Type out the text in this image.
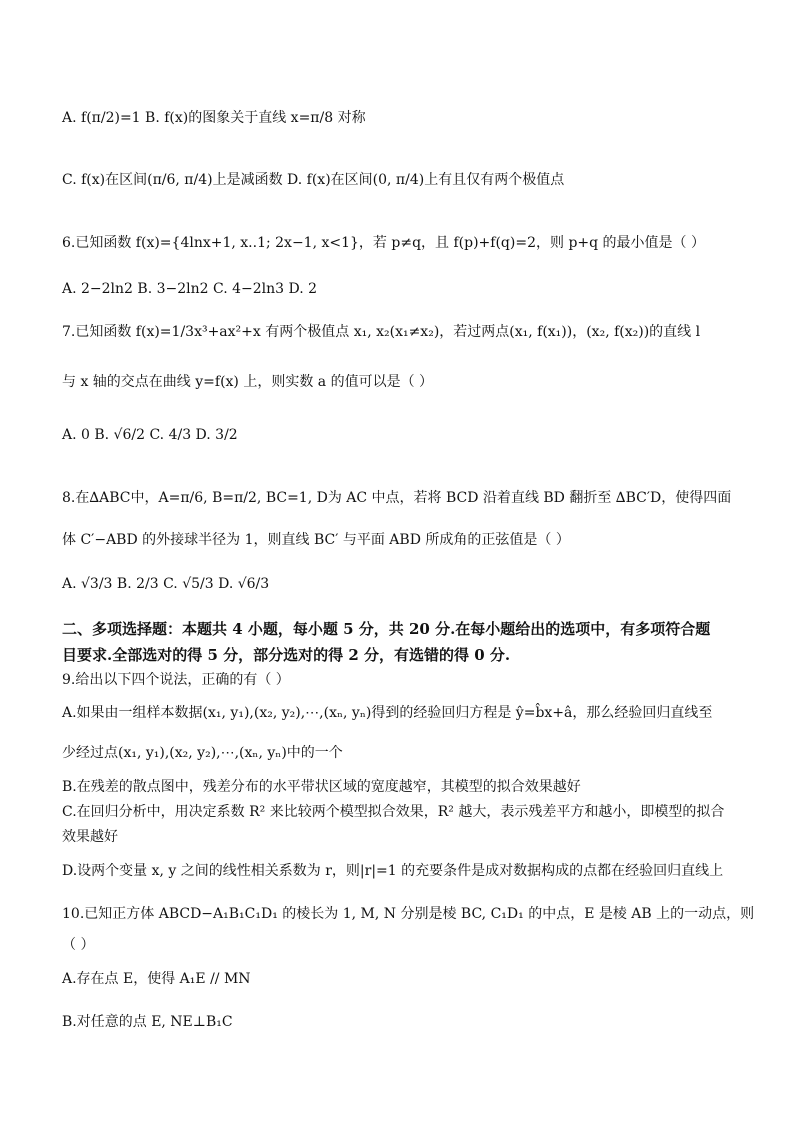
A. f(π/2)=1 B. f(x)的图象关于直线 x=π/8 对称
C. f(x)在区间(π/6, π/4)上是减函数 D. f(x)在区间(0, π/4)上有且仅有两个极值点
6.已知函数 f(x)={4lnx+1, x..1; 2x−1, x<1}，若 p≠q，且 f(p)+f(q)=2，则 p+q 的最小值是（ ）
A. 2−2ln2 B. 3−2ln2 C. 4−2ln3 D. 2
7.已知函数 f(x)=1/3x³+ax²+x 有两个极值点 x₁, x₂(x₁≠x₂)，若过两点(x₁, f(x₁))，(x₂, f(x₂))的直线 l
与 x 轴的交点在曲线 y=f(x) 上，则实数 a 的值可以是（ ）
A. 0 B. √6/2 C. 4/3 D. 3/2
8.在∆ABC中，A=π/6, B=π/2, BC=1, D为 AC 中点，若将 BCD 沿着直线 BD 翻折至 ∆BC′D，使得四面
体 C′−ABD 的外接球半径为 1，则直线 BC′ 与平面 ABD 所成角的正弦值是（ ）
A. √3/3 B. 2/3 C. √5/3 D. √6/3
二、多项选择题：本题共 4 小题，每小题 5 分，共 20 分.在每小题给出的选项中，有多项符合题
目要求.全部选对的得 5 分，部分选对的得 2 分，有选错的得 0 分.
9.给出以下四个说法，正确的有（ ）
A.如果由一组样本数据(x₁, y₁),(x₂, y₂),⋯,(xₙ, yₙ)得到的经验回归方程是 ŷ=b̂x+â，那么经验回归直线至
少经过点(x₁, y₁),(x₂, y₂),⋯,(xₙ, yₙ)中的一个
B.在残差的散点图中，残差分布的水平带状区域的宽度越窄，其模型的拟合效果越好
C.在回归分析中，用决定系数 R² 来比较两个模型拟合效果，R² 越大，表示残差平方和越小，即模型的拟合
效果越好
D.设两个变量 x, y 之间的线性相关系数为 r，则|r|=1 的充要条件是成对数据构成的点都在经验回归直线上
10.已知正方体 ABCD−A₁B₁C₁D₁ 的棱长为 1, M, N 分别是棱 BC, C₁D₁ 的中点，E 是棱 AB 上的一动点，则
（ ）
A.存在点 E，使得 A₁E // MN
B.对任意的点 E, NE⊥B₁C
